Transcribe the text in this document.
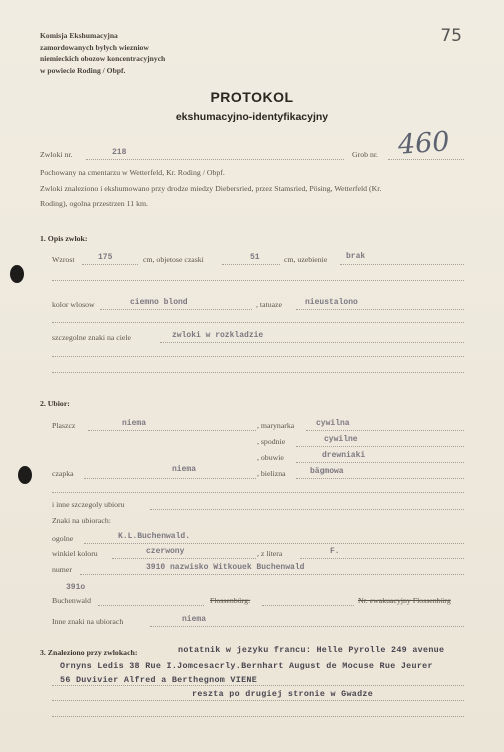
Komisja Ekshumacyjna
zamordowanych bylych wiezniow
niemieckich obozow koncentracyjnych
w powiecie Roding / Obpf.
75
PROTOKOL
ekshumacyjno-identyfikacyjny
Zwloki nr.	218	Grob nr. 460
Pochowany na cmentarzu w Wetterfeld, Kr. Roding / Obpf.
Zwloki znaleziono i ekshumowano przy drodze miedzy Diebersried, przez Stamsried, Pösing, Wetterfeld (Kr.
Roding), ogolna przestrzen 11 km.
1. Opis zwlok:
Wzrost	175	cm, objetose czaski	51	cm, uzebienie brak
kolor wlosow	ciemno blond	, tatuaze	nieustalono
szczegolne znaki na ciele	zwloki w rozkladzie
2. Ubior:
Plaszcz	niema	, marynarka	cywilna
, spodnie	cywilne
, obuwie	drewniaki
czapka	niema	, bielizna	bägmowa
i inne szczegoly ubioru
Znaki na ubiorach:
ogolne	K.L.Buchenwald.
winkiel koloru	czerwony	, z litera	F.
numer	3910 nazwisko Witkouek Buchenwald
391o
Buchenwald	Flossenbürg:	Nr. ewakuacyjny Flossenbürg
Inne znaki na ubiorach	niema
3. Znaleziono przy zwlokach:	notatnik w jezyku francu: Helle Pyrolle 249 avenue
Ornyns Ledis 38 Rue I.Jomcesacrly.Bernhart August de Mocuse Rue Jeurer
56 Duvivier Alfred a Berthegnom VIENE
reszta po drugiej stronie w Gwadze
